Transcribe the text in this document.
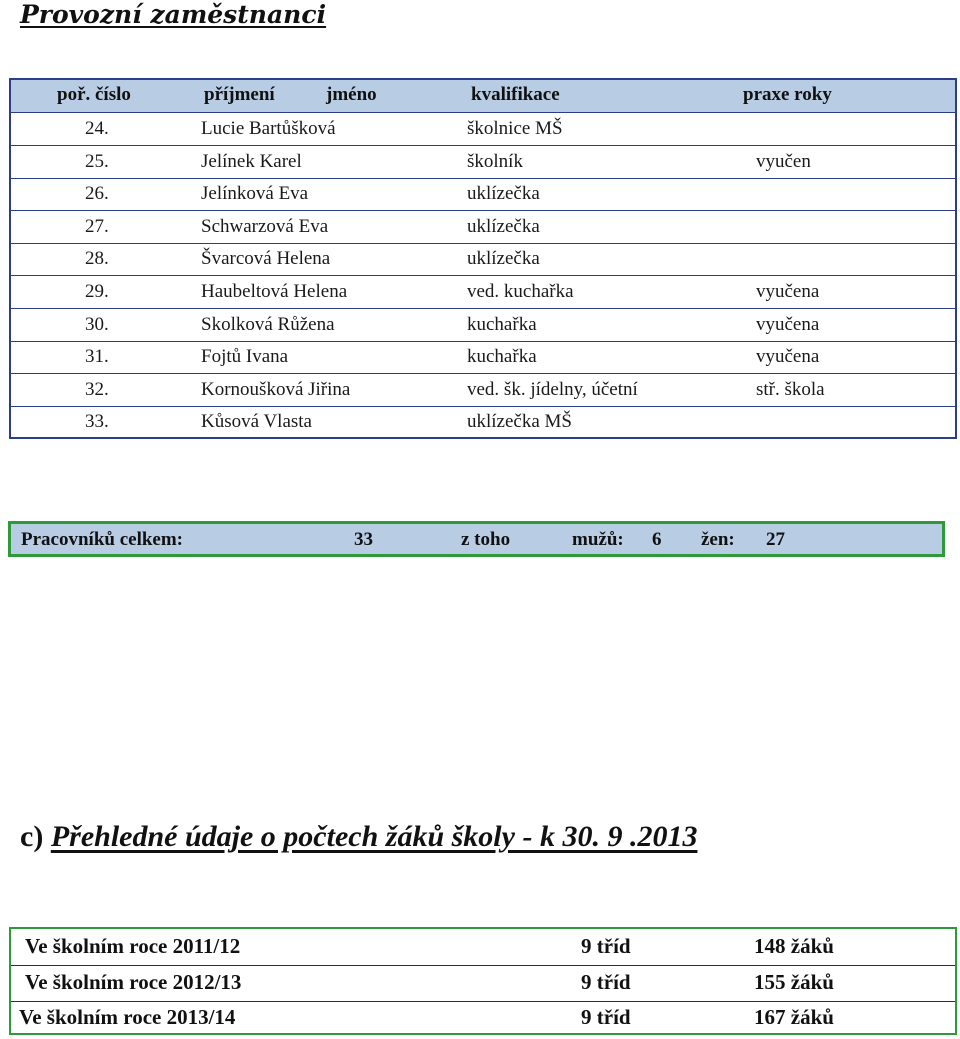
Provozní zaměstnanci
poř. číslo	příjmení	jméno	kvalifikace	praxe roky
24.	Lucie Bartůšková	školnice MŠ
25.	Jelínek Karel	školník	vyučen
26.	Jelínková Eva	uklízečka
27.	Schwarzová Eva	uklízečka
28.	Švarcová Helena	uklízečka
29.	Haubeltová Helena	ved. kuchařka	vyučena
30.	Skolková Růžena	kuchařka	vyučena
31.	Fojtů Ivana	kuchařka	vyučena
32.	Kornoušková Jiřina	ved. šk. jídelny, účetní	stř. škola
33.	Kůsová Vlasta	uklízečka MŠ
Pracovníků celkem:	33	z toho	mužů: 6 žen: 27
c) Přehledné údaje o počtech žáků školy - k 30. 9 .2013
Ve školním roce 2011/12	9 tříd	148 žáků
Ve školním roce 2012/13	9 tříd	155 žáků
Ve školním roce 2013/14	9 tříd	167 žáků
